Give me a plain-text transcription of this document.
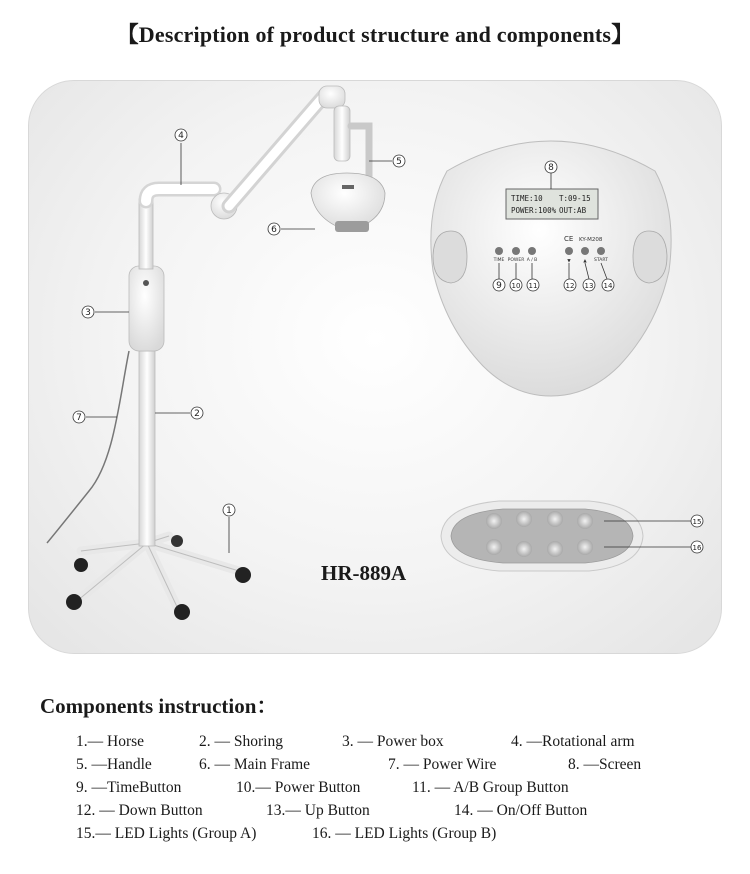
【Description of product structure and components】
4
5
6
3
2
7
1
TIME:10 T:09-15
POWER:100% OUT:AB
CE KY-M208
TIME POWER A / B	▼	▲ START
8
9 10 11	12 13 14
15
16
HR-889A
Components instruction：
1.— Horse	2. — Shoring	3. — Power box	4. —Rotational arm
5. —Handle	6. — Main Frame	7. — Power Wire	8. —Screen
9. —TimeButton	10.— Power Button	11. — A/B Group Button
12. — Down Button	13.— Up Button	14. — On/Off Button
15.— LED Lights (Group A)	16. — LED Lights (Group B)
